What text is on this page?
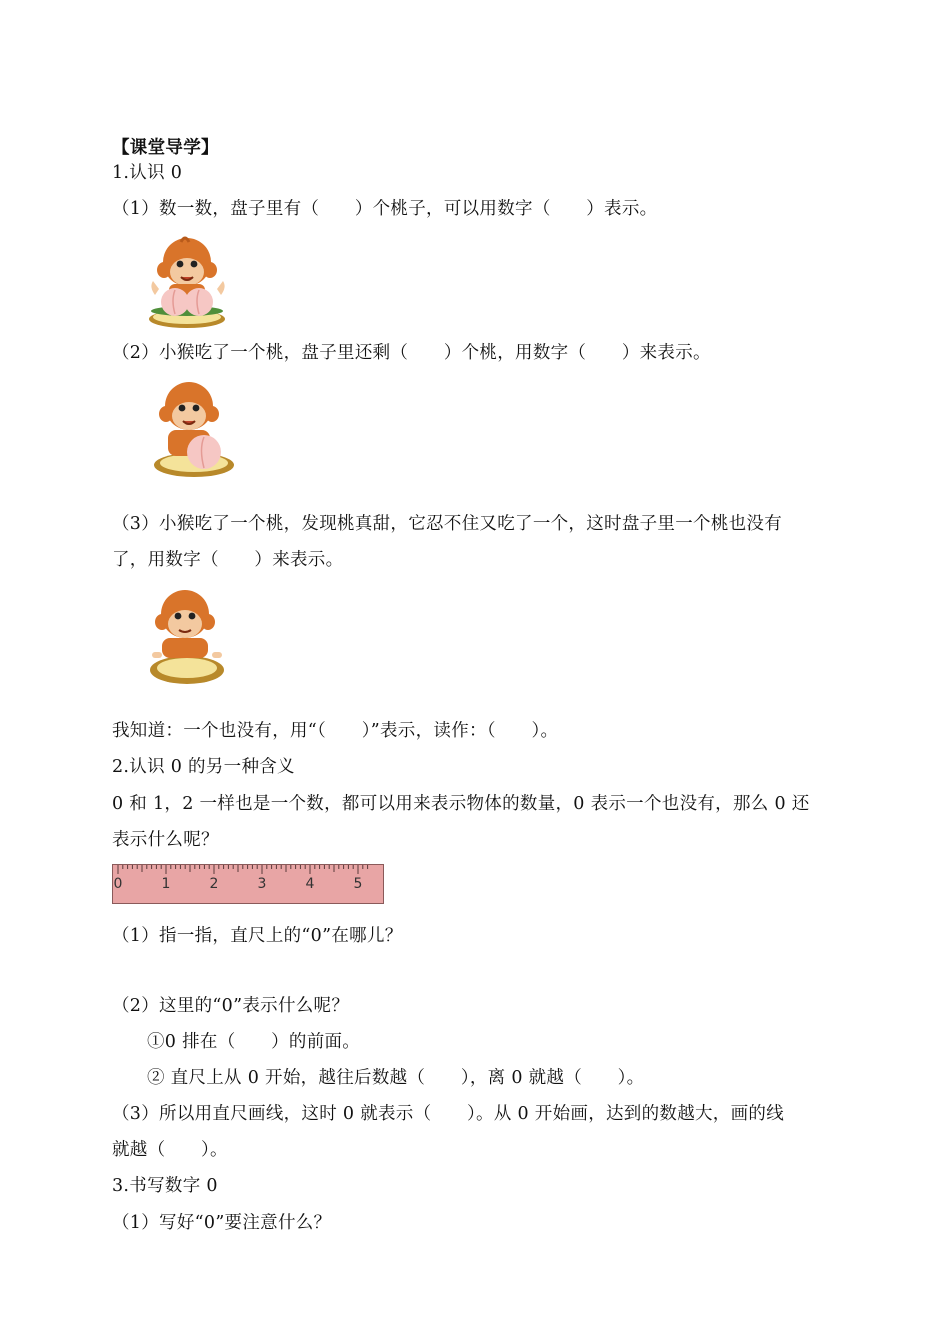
【课堂导学】
1.认识 0
（1）数一数，盘子里有（　　）个桃子，可以用数字（　　）表示。
（2）小猴吃了一个桃，盘子里还剩（　　）个桃，用数字（　　）来表示。
（3）小猴吃了一个桃，发现桃真甜，它忍不住又吃了一个，这时盘子里一个桃也没有
了，用数字（　　）来表示。
我知道：一个也没有，用“（　　）”表示，读作：（　　）。
2.认识 0 的另一种含义
0 和 1，2 一样也是一个数，都可以用来表示物体的数量，0 表示一个也没有，那么 0 还
表示什么呢？
0	1	2	3	4	5
（1）指一指，直尺上的“0”在哪儿？
（2）这里的“0”表示什么呢？
①0 排在（　　）的前面。
② 直尺上从 0 开始，越往后数越（　　），离 0 就越（　　）。
（3）所以用直尺画线，这时 0 就表示（　　）。从 0 开始画，达到的数越大，画的线
就越（　　）。
3.书写数字 0
（1）写好“0”要注意什么？
